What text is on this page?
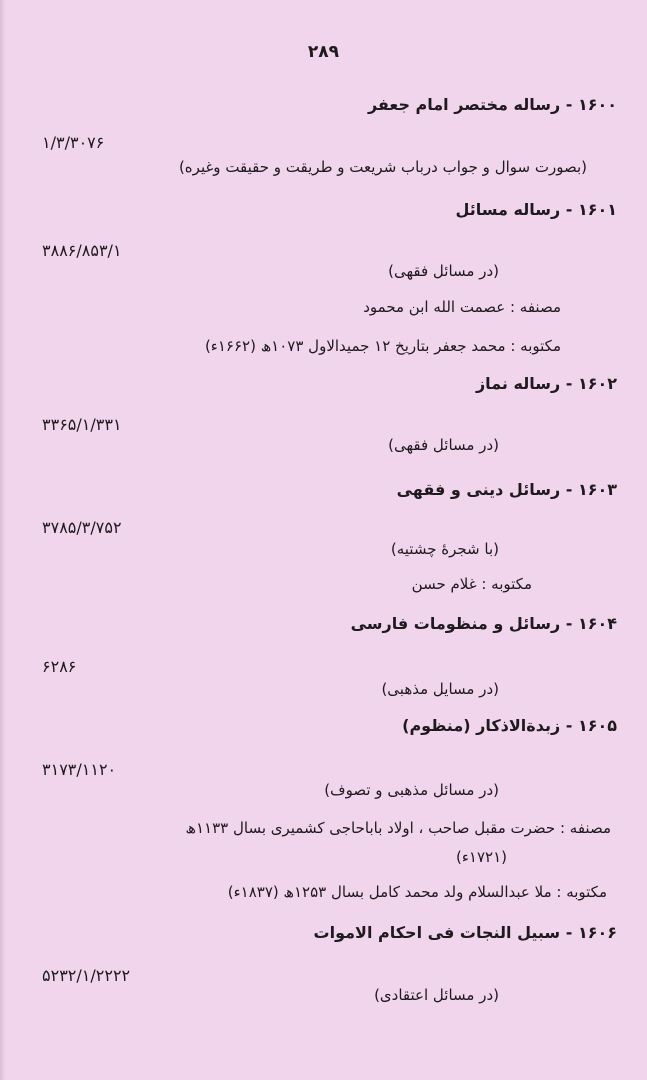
۲۸۹
۱۶۰۰ - رساله مختصر امام جعفر
۱/۳/۳۰۷۶
(بصورت سوال و جواب درباب شریعت و طریقت و حقیقت وغیره)
۱۶۰۱ - رساله مسائل
۳۸۸۶/۸۵۳/۱
(در مسائل فقهی)
مصنفه : عصمت الله ابن محمود
مکتوبه : محمد جعفر بتاریخ ۱۲ جمیدالاول ۱۰۷۳ھ (۱۶۶۲ء)
۱۶۰۲ - رساله نماز
۳۳۶۵/۱/۳۳۱
(در مسائل فقهی)
۱۶۰۳ - رسائل دینی و فقهی
۳۷۸۵/۳/۷۵۲
(با شجرهٔ چشتیه)
مکتوبه : غلام حسن
۱۶۰۴ - رسائل و منظومات فارسی
۶۲۸۶
(در مسایل مذهبی)
۱۶۰۵ - زبدةالاذکار (منظوم)
۳۱۷۳/۱۱۲۰
(در مسائل مذهبی و تصوف)
مصنفه : حضرت مقبل صاحب ، اولاد باباحاجی کشمیری بسال ۱۱۳۳ھ
(۱۷۲۱ء)
مکتوبه : ملا عبدالسلام ولد محمد کامل بسال ۱۲۵۳ھ (۱۸۳۷ء)
۱۶۰۶ - سبیل النجات فی احکام الاموات
۵۲۳۲/۱/۲۲۲۲
(در مسائل اعتقادی)
